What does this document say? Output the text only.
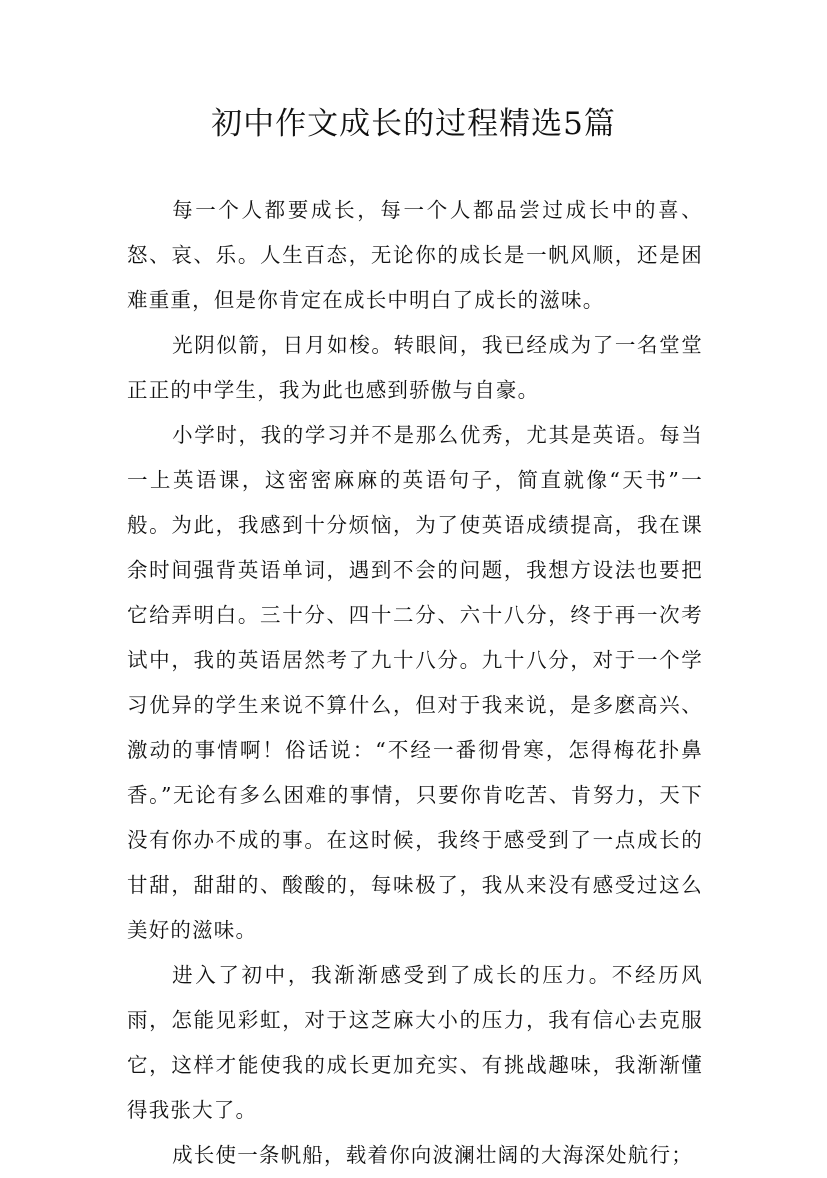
初中作文成长的过程精选5篇

每一个人都要成长，每一个人都品尝过成长中的喜、怒、哀、乐。人生百态，无论你的成长是一帆风顺，还是困难重重，但是你肯定在成长中明白了成长的滋味。

光阴似箭，日月如梭。转眼间，我已经成为了一名堂堂正正的中学生，我为此也感到骄傲与自豪。

小学时，我的学习并不是那么优秀，尤其是英语。每当一上英语课，这密密麻麻的英语句子，简直就像“天书”一般。为此，我感到十分烦恼，为了使英语成绩提高，我在课余时间强背英语单词，遇到不会的问题，我想方设法也要把它给弄明白。三十分、四十二分、六十八分，终于再一次考试中，我的英语居然考了九十八分。九十八分，对于一个学习优异的学生来说不算什么，但对于我来说，是多麽高兴、激动的事情啊！俗话说：“不经一番彻骨寒，怎得梅花扑鼻香。”无论有多么困难的事情，只要你肯吃苦、肯努力，天下没有你办不成的事。在这时候，我终于感受到了一点成长的甘甜，甜甜的、酸酸的，每味极了，我从来没有感受过这么美好的滋味。

进入了初中，我渐渐感受到了成长的压力。不经历风雨，怎能见彩虹，对于这芝麻大小的压力，我有信心去克服它，这样才能使我的成长更加充实、有挑战趣味，我渐渐懂得我张大了。

成长使一条帆船，载着你向波澜壮阔的大海深处航行；
